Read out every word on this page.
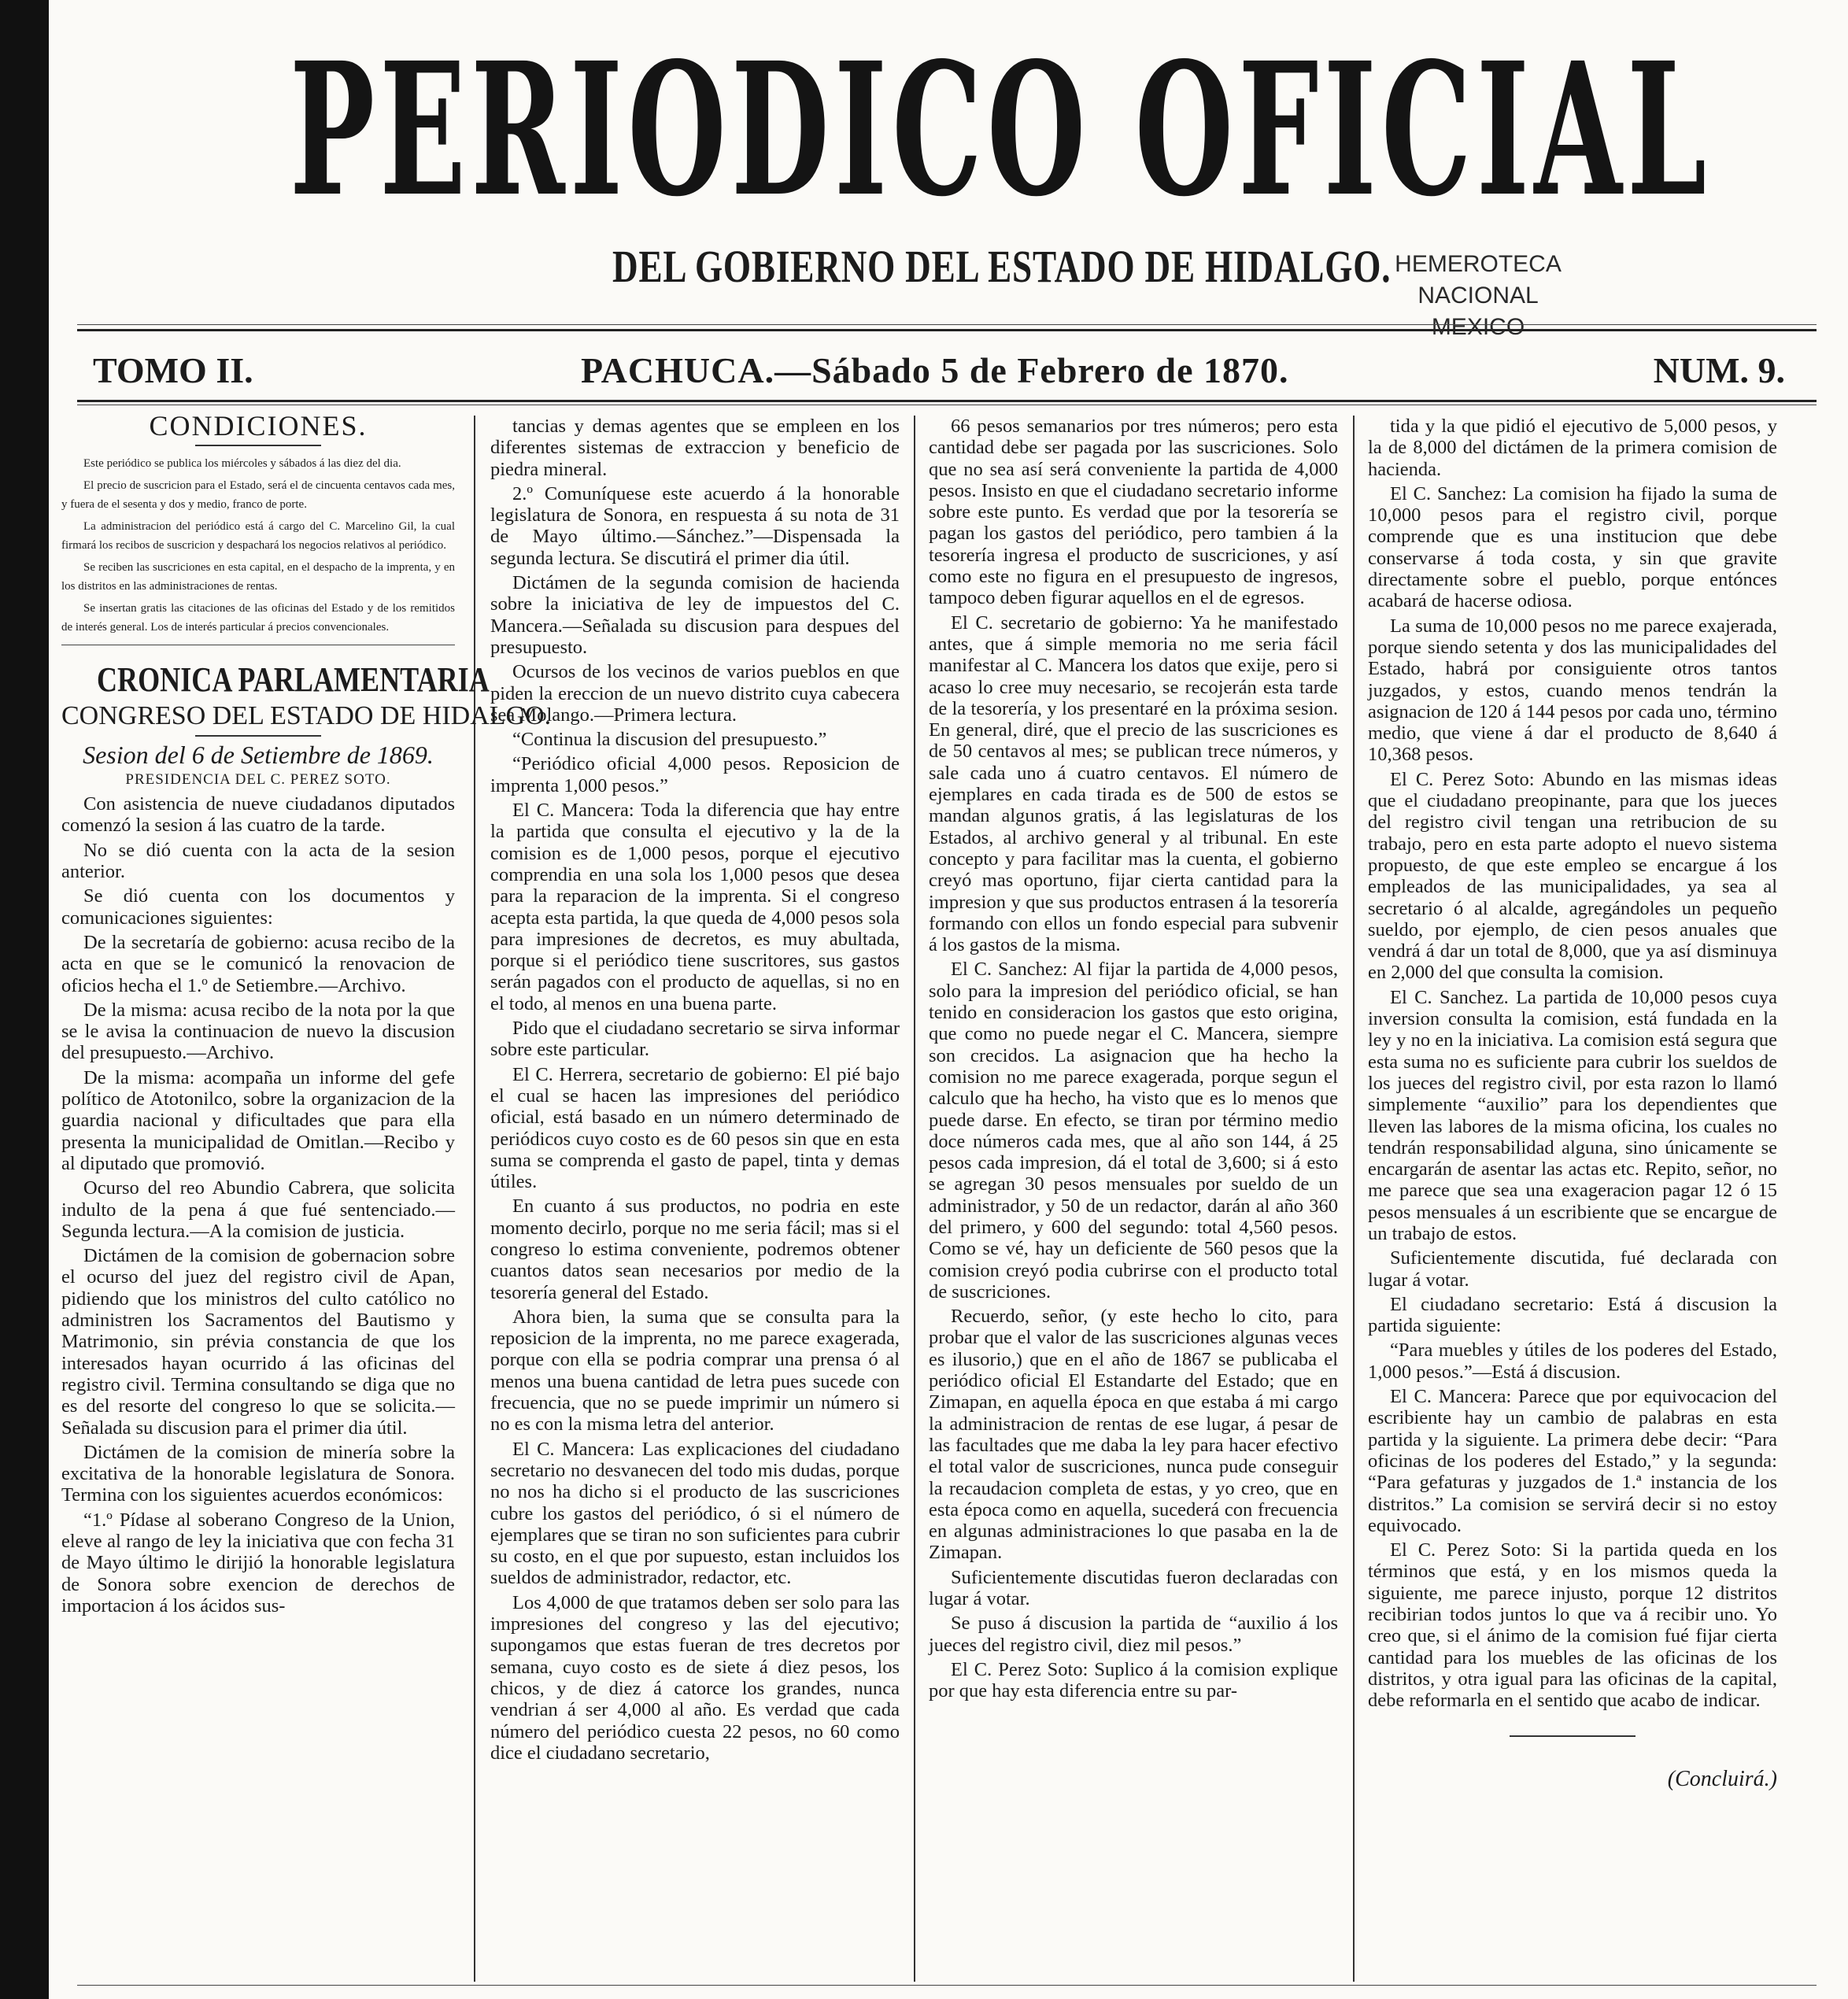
PERIODICO OFICIAL
DEL GOBIERNO DEL ESTADO DE HIDALGO. HEMEROTECA NACIONAL
MEXICO
TOMO II.	PACHUCA.—Sábado 5 de Febrero de 1870.	NUM. 9.

CONDICIONES.

Este periódico se publica los miércoles y sábados á las diez del dia.

El precio de suscricion para el Estado, será el de cincuenta centavos cada mes, y fuera de el sesenta y dos y medio, franco de porte.

La administracion del periódico está á cargo del C. Marcelino Gil, la cual firmará los recibos de suscricion y despachará los negocios relativos al periódico.

Se reciben las suscriciones en esta capital, en el despacho de la imprenta, y en los distritos en las administraciones de rentas.

Se insertan gratis las citaciones de las oficinas del Estado y de los remitidos de interés general. Los de interés particular á precios convencionales.

CRONICA PARLAMENTARIA

CONGRESO DEL ESTADO DE HIDALGO.

Sesion del 6 de Setiembre de 1869.

PRESIDENCIA DEL C. PEREZ SOTO.

Con asistencia de nueve ciudadanos diputados comenzó la sesion á las cuatro de la tarde.

No se dió cuenta con la acta de la sesion anterior.

Se dió cuenta con los documentos y comunicaciones siguientes:

De la secretaría de gobierno: acusa recibo de la acta en que se le comunicó la renovacion de oficios hecha el 1.º de Setiembre.—Archivo.

De la misma: acusa recibo de la nota por la que se le avisa la continuacion de nuevo la discusion del presupuesto.—Archivo.

De la misma: acompaña un informe del gefe político de Atotonilco, sobre la organizacion de la guardia nacional y dificultades que para ella presenta la municipalidad de Omitlan.—Recibo y al diputado que promovió.

Ocurso del reo Abundio Cabrera, que solicita indulto de la pena á que fué sentenciado.—Segunda lectura.—A la comision de justicia.

Dictámen de la comision de gobernacion sobre el ocurso del juez del registro civil de Apan, pidiendo que los ministros del culto católico no administren los Sacramentos del Bautismo y Matrimonio, sin prévia constancia de que los interesados hayan ocurrido á las oficinas del registro civil. Termina consultando se diga que no es del resorte del congreso lo que se solicita.—Señalada su discusion para el primer dia útil.

Dictámen de la comision de minería sobre la excitativa de la honorable legislatura de Sonora. Termina con los siguientes acuerdos económicos:

“1.º Pídase al soberano Congreso de la Union, eleve al rango de ley la iniciativa que con fecha 31 de Mayo último le dirijió la honorable legislatura de Sonora sobre exencion de derechos de importacion á los ácidos sus-

tancias y demas agentes que se empleen en los diferentes sistemas de extraccion y beneficio de piedra mineral.

2.º Comuníquese este acuerdo á la honorable legislatura de Sonora, en respuesta á su nota de 31 de Mayo último.—Sánchez.”—Dispensada la segunda lectura. Se discutirá el primer dia útil.

Dictámen de la segunda comision de hacienda sobre la iniciativa de ley de impuestos del C. Mancera.—Señalada su discusion para despues del presupuesto.

Ocursos de los vecinos de varios pueblos en que piden la ereccion de un nuevo distrito cuya cabecera sea Molango.—Primera lectura.

“Continua la discusion del presupuesto.”

“Periódico oficial 4,000 pesos. Reposicion de imprenta 1,000 pesos.”

El C. Mancera: Toda la diferencia que hay entre la partida que consulta el ejecutivo y la de la comision es de 1,000 pesos, porque el ejecutivo comprendia en una sola los 1,000 pesos que desea para la reparacion de la imprenta. Si el congreso acepta esta partida, la que queda de 4,000 pesos sola para impresiones de decretos, es muy abultada, porque si el periódico tiene suscritores, sus gastos serán pagados con el producto de aquellas, si no en el todo, al menos en una buena parte.

Pido que el ciudadano secretario se sirva informar sobre este particular.

El C. Herrera, secretario de gobierno: El pié bajo el cual se hacen las impresiones del periódico oficial, está basado en un número determinado de periódicos cuyo costo es de 60 pesos sin que en esta suma se comprenda el gasto de papel, tinta y demas útiles.

En cuanto á sus productos, no podria en este momento decirlo, porque no me seria fácil; mas si el congreso lo estima conveniente, podremos obtener cuantos datos sean necesarios por medio de la tesorería general del Estado.

Ahora bien, la suma que se consulta para la reposicion de la imprenta, no me parece exagerada, porque con ella se podria comprar una prensa ó al menos una buena cantidad de letra pues sucede con frecuencia, que no se puede imprimir un número si no es con la misma letra del anterior.

El C. Mancera: Las explicaciones del ciudadano secretario no desvanecen del todo mis dudas, porque no nos ha dicho si el producto de las suscriciones cubre los gastos del periódico, ó si el número de ejemplares que se tiran no son suficientes para cubrir su costo, en el que por supuesto, estan incluidos los sueldos de administrador, redactor, etc.

Los 4,000 de que tratamos deben ser solo para las impresiones del congreso y las del ejecutivo; supongamos que estas fueran de tres decretos por semana, cuyo costo es de siete á diez pesos, los chicos, y de diez á catorce los grandes, nunca vendrian á ser 4,000 al año. Es verdad que cada número del periódico cuesta 22 pesos, no 60 como dice el ciudadano secretario,

66 pesos semanarios por tres números; pero esta cantidad debe ser pagada por las suscriciones. Solo que no sea así será conveniente la partida de 4,000 pesos. Insisto en que el ciudadano secretario informe sobre este punto. Es verdad que por la tesorería se pagan los gastos del periódico, pero tambien á la tesorería ingresa el producto de suscriciones, y así como este no figura en el presupuesto de ingresos, tampoco deben figurar aquellos en el de egresos.

El C. secretario de gobierno: Ya he manifestado antes, que á simple memoria no me seria fácil manifestar al C. Mancera los datos que exije, pero si acaso lo cree muy necesario, se recojerán esta tarde de la tesorería, y los presentaré en la próxima sesion. En general, diré, que el precio de las suscriciones es de 50 centavos al mes; se publican trece números, y sale cada uno á cuatro centavos. El número de ejemplares en cada tirada es de 500 de estos se mandan algunos gratis, á las legislaturas de los Estados, al archivo general y al tribunal. En este concepto y para facilitar mas la cuenta, el gobierno creyó mas oportuno, fijar cierta cantidad para la impresion y que sus productos entrasen á la tesorería formando con ellos un fondo especial para subvenir á los gastos de la misma.

El C. Sanchez: Al fijar la partida de 4,000 pesos, solo para la impresion del periódico oficial, se han tenido en consideracion los gastos que esto origina, que como no puede negar el C. Mancera, siempre son crecidos. La asignacion que ha hecho la comision no me parece exagerada, porque segun el calculo que ha hecho, ha visto que es lo menos que puede darse. En efecto, se tiran por término medio doce números cada mes, que al año son 144, á 25 pesos cada impresion, dá el total de 3,600; si á esto se agregan 30 pesos mensuales por sueldo de un administrador, y 50 de un redactor, darán al año 360 del primero, y 600 del segundo: total 4,560 pesos. Como se vé, hay un deficiente de 560 pesos que la comision creyó podia cubrirse con el producto total de suscriciones.

Recuerdo, señor, (y este hecho lo cito, para probar que el valor de las suscriciones algunas veces es ilusorio,) que en el año de 1867 se publicaba el periódico oficial El Estandarte del Estado; que en Zimapan, en aquella época en que estaba á mi cargo la administracion de rentas de ese lugar, á pesar de las facultades que me daba la ley para hacer efectivo el total valor de suscriciones, nunca pude conseguir la recaudacion completa de estas, y yo creo, que en esta época como en aquella, sucederá con frecuencia en algunas administraciones lo que pasaba en la de Zimapan.

Suficientemente discutidas fueron declaradas con lugar á votar.

Se puso á discusion la partida de “auxilio á los jueces del registro civil, diez mil pesos.”

El C. Perez Soto: Suplico á la comision explique por que hay esta diferencia entre su par-

tida y la que pidió el ejecutivo de 5,000 pesos, y la de 8,000 del dictámen de la primera comision de hacienda.

El C. Sanchez: La comision ha fijado la suma de 10,000 pesos para el registro civil, porque comprende que es una institucion que debe conservarse á toda costa, y sin que gravite directamente sobre el pueblo, porque entónces acabará de hacerse odiosa.

La suma de 10,000 pesos no me parece exajerada, porque siendo setenta y dos las municipalidades del Estado, habrá por consiguiente otros tantos juzgados, y estos, cuando menos tendrán la asignacion de 120 á 144 pesos por cada uno, término medio, que viene á dar el producto de 8,640 á 10,368 pesos.

El C. Perez Soto: Abundo en las mismas ideas que el ciudadano preopinante, para que los jueces del registro civil tengan una retribucion de su trabajo, pero en esta parte adopto el nuevo sistema propuesto, de que este empleo se encargue á los empleados de las municipalidades, ya sea al secretario ó al alcalde, agregándoles un pequeño sueldo, por ejemplo, de cien pesos anuales que vendrá á dar un total de 8,000, que ya así disminuya en 2,000 del que consulta la comision.

El C. Sanchez. La partida de 10,000 pesos cuya inversion consulta la comision, está fundada en la ley y no en la iniciativa. La comision está segura que esta suma no es suficiente para cubrir los sueldos de los jueces del registro civil, por esta razon lo llamó simplemente “auxilio” para los dependientes que lleven las labores de la misma oficina, los cuales no tendrán responsabilidad alguna, sino únicamente se encargarán de asentar las actas etc. Repito, señor, no me parece que sea una exageracion pagar 12 ó 15 pesos mensuales á un escribiente que se encargue de un trabajo de estos.

Suficientemente discutida, fué declarada con lugar á votar.

El ciudadano secretario: Está á discusion la partida siguiente:

“Para muebles y útiles de los poderes del Estado, 1,000 pesos.”—Está á discusion.

El C. Mancera: Parece que por equivocacion del escribiente hay un cambio de palabras en esta partida y la siguiente. La primera debe decir: “Para oficinas de los poderes del Estado,” y la segunda: “Para gefaturas y juzgados de 1.ª instancia de los distritos.” La comision se servirá decir si no estoy equivocado.

El C. Perez Soto: Si la partida queda en los términos que está, y en los mismos queda la siguiente, me parece injusto, porque 12 distritos recibirian todos juntos lo que va á recibir uno. Yo creo que, si el ánimo de la comision fué fijar cierta cantidad para los muebles de las oficinas de los distritos, y otra igual para las oficinas de la capital, debe reformarla en el sentido que acabo de indicar.

(Concluirá.)
